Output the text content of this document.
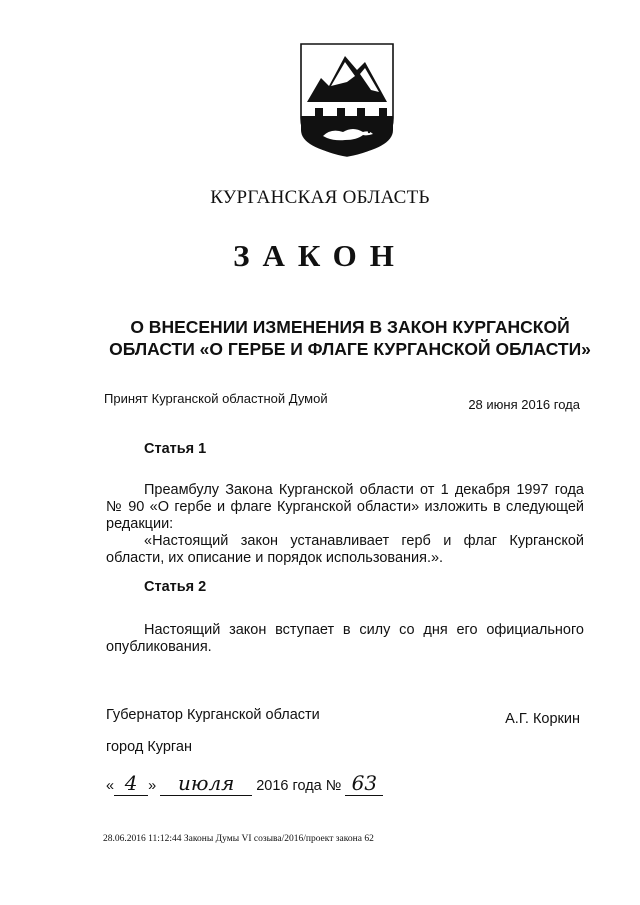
КУРГАНСКАЯ ОБЛАСТЬ
ЗАКОН
О ВНЕСЕНИИ ИЗМЕНЕНИЯ В ЗАКОН КУРГАНСКОЙ
ОБЛАСТИ «О ГЕРБЕ И ФЛАГЕ КУРГАНСКОЙ ОБЛАСТИ»
Принят Курганской областной Думой	28 июня 2016 года
Статья 1
Преамбулу Закона Курганской области от 1 декабря 1997 года № 90 «О гербе и флаге Курганской области» изложить в следующей редакции:
«Настоящий закон устанавливает герб и флаг Курганской области, их описание и порядок использования.».
Статья 2
Настоящий закон вступает в силу со дня его официального опубликования.
Губернатор Курганской области	А.Г. Коркин
город Курган
« 4 » июля 2016 года № 63
28.06.2016 11:12:44 Законы Думы VI созыва/2016/проект закона 62
